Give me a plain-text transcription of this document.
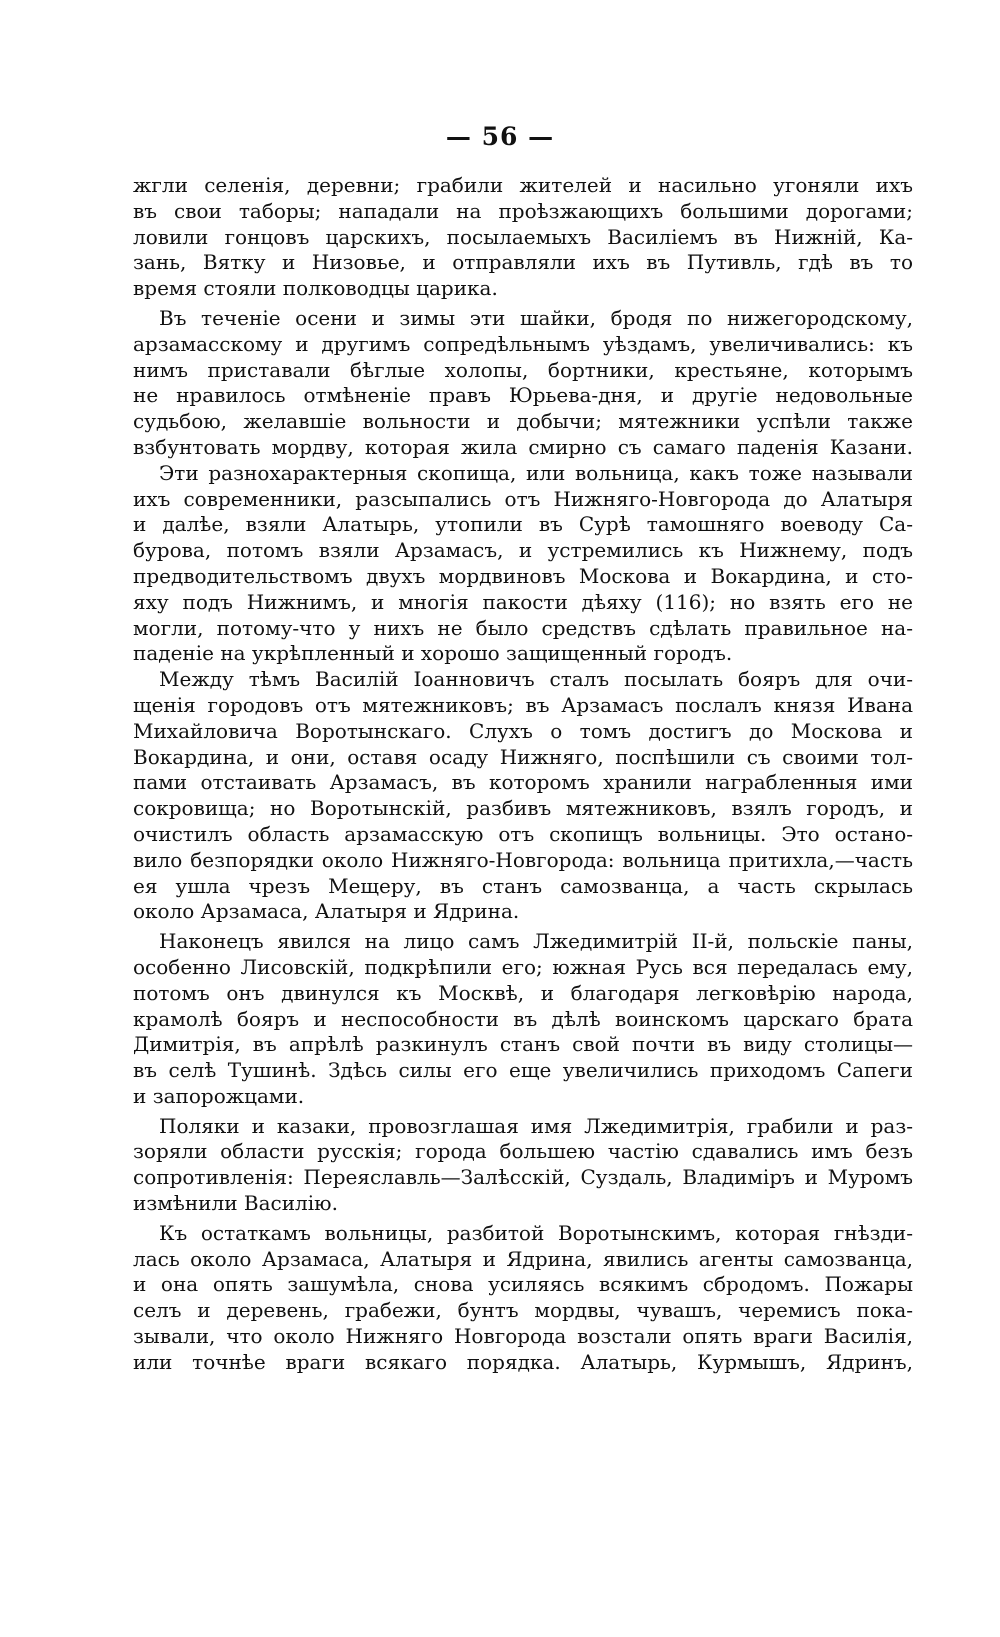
— 56 —
жгли селенія, деревни; грабили жителей и насильно угоняли ихъ
въ свои таборы; нападали на проѣзжающихъ большими дорогами;
ловили гонцовъ царскихъ, посылаемыхъ Василіемъ въ Нижній, Ка-
зань, Вятку и Низовье, и отправляли ихъ въ Путивль, гдѣ въ то
время стояли полководцы царика.
Въ теченіе осени и зимы эти шайки, бродя по нижегородскому,
арзамасскому и другимъ сопредѣльнымъ уѣздамъ, увеличивались: къ
нимъ приставали бѣглые холопы, бортники, крестьяне, которымъ
не нравилось отмѣненіе правъ Юрьева-дня, и другіе недовольные
судьбою, желавшіе вольности и добычи; мятежники успѣли также
взбунтовать мордву, которая жила смирно съ самаго паденія Казани.
Эти разнохарактерныя скопища, или вольница, какъ тоже называли
ихъ современники, разсыпались отъ Нижняго-Новгорода до Алатыря
и далѣе, взяли Алатырь, утопили въ Сурѣ тамошняго воеводу Са-
бурова, потомъ взяли Арзамасъ, и устремились къ Нижнему, подъ
предводительствомъ двухъ мордвиновъ Москова и Вокардина, и сто-
яху подъ Нижнимъ, и многія пакости дѣяху (116); но взять его не
могли, потому-что у нихъ не было средствъ сдѣлать правильное на-
паденіе на укрѣпленный и хорошо защищенный городъ.
Между тѣмъ Василій Іоанновичъ сталъ посылать бояръ для очи-
щенія городовъ отъ мятежниковъ; въ Арзамасъ послалъ князя Ивана
Михайловича Воротынскаго. Слухъ о томъ достигъ до Москова и
Вокардина, и они, оставя осаду Нижняго, поспѣшили съ своими тол-
пами отстаивать Арзамасъ, въ которомъ хранили награбленныя ими
сокровища; но Воротынскій, разбивъ мятежниковъ, взялъ городъ, и
очистилъ область арзамасскую отъ скопищъ вольницы. Это остано-
вило безпорядки около Нижняго-Новгорода: вольница притихла,—часть
ея ушла чрезъ Мещеру, въ станъ самозванца, а часть скрылась
около Арзамаса, Алатыря и Ядрина.
Наконецъ явился на лицо самъ Лжедимитрій II-й, польскіе паны,
особенно Лисовскій, подкрѣпили его; южная Русь вся передалась ему,
потомъ онъ двинулся къ Москвѣ, и благодаря легковѣрію народа,
крамолѣ бояръ и неспособности въ дѣлѣ воинскомъ царскаго брата
Димитрія, въ апрѣлѣ разкинулъ станъ свой почти въ виду столицы—
въ селѣ Тушинѣ. Здѣсь силы его еще увеличились приходомъ Сапеги
и запорожцами.
Поляки и казаки, провозглашая имя Лжедимитрія, грабили и раз-
зоряли области русскія; города большею частію сдавались имъ безъ
сопротивленія: Переяславль—Залѣсскій, Суздаль, Владиміръ и Муромъ
измѣнили Василію.
Къ остаткамъ вольницы, разбитой Воротынскимъ, которая гнѣзди-
лась около Арзамаса, Алатыря и Ядрина, явились агенты самозванца,
и она опять зашумѣла, снова усиляясь всякимъ сбродомъ. Пожары
селъ и деревень, грабежи, бунтъ мордвы, чувашъ, черемисъ пока-
зывали, что около Нижняго Новгорода возстали опять враги Василія,
или точнѣе враги всякаго порядка. Алатырь, Курмышъ, Ядринъ,
